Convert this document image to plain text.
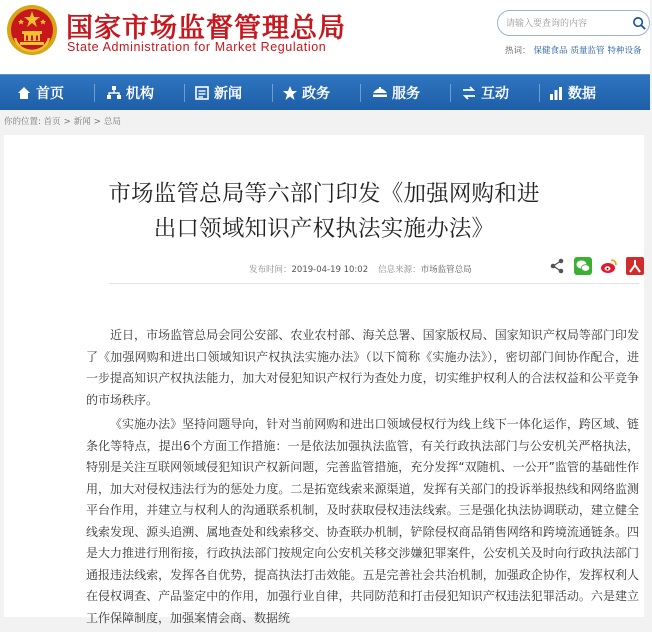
国家市场监督管理总局
State Administration for Market Regulation
请输入要查询的内容	热词： 保健食品 质量监管 特种设备
首页	机构	新闻	政务	服务	互动	数据
你的位置: 首页 > 新闻 > 总局
市场监管总局等六部门印发《加强网购和进出口领域知识产权执法实施办法》
发布时间：2019-04-19 10:02 信息来源：市场监管总局

近日，市场监管总局会同公安部、农业农村部、海关总署、国家版权局、国家知识产权局等部门印发了《加强网购和进出口领域知识产权执法实施办法》（以下简称《实施办法》），密切部门间协作配合，进一步提高知识产权执法能力，加大对侵犯知识产权行为查处力度，切实维护权利人的合法权益和公平竞争的市场秩序。

《实施办法》坚持问题导向，针对当前网购和进出口领域侵权行为线上线下一体化运作，跨区域、链条化等特点，提出6个方面工作措施：一是依法加强执法监管，有关行政执法部门与公安机关严格执法，特别是关注互联网领域侵犯知识产权新问题，完善监管措施，充分发挥“双随机、一公开”监管的基础性作用，加大对侵权违法行为的惩处力度。二是拓宽线索来源渠道，发挥有关部门的投诉举报热线和网络监测平台作用，并建立与权利人的沟通联系机制，及时获取侵权违法线索。三是强化执法协调联动，建立健全线索发现、源头追溯、属地查处和线索移交、协查联办机制，铲除侵权商品销售网络和跨境流通链条。四是大力推进行刑衔接，行政执法部门按规定向公安机关移交涉嫌犯罪案件，公安机关及时向行政执法部门通报违法线索，发挥各自优势，提高执法打击效能。五是完善社会共治机制，加强政企协作，发挥权利人在侵权调查、产品鉴定中的作用，加强行业自律，共同防范和打击侵犯知识产权违法犯罪活动。六是建立工作保障制度，加强案情会商、数据统
